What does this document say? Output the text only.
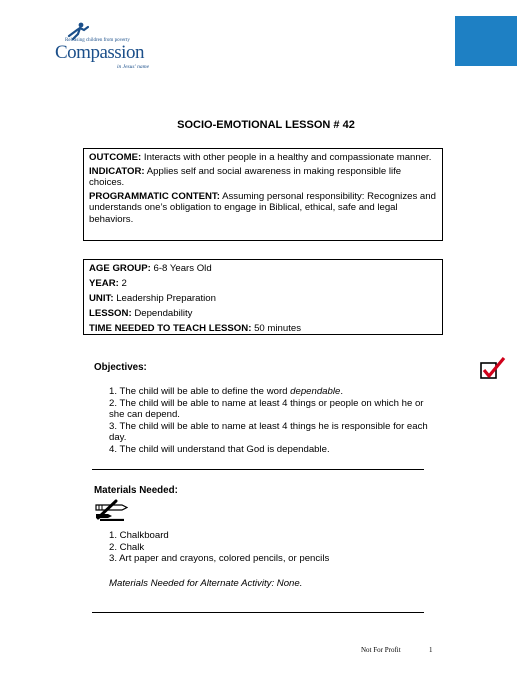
Releasing children from poverty
Compassion
in Jesus' name
SOCIO-EMOTIONAL LESSON # 42

OUTCOME: Interacts with other people in a healthy and compassionate manner.

INDICATOR: Applies self and social awareness in making responsible life choices.

PROGRAMMATIC CONTENT: Assuming personal responsibility: Recognizes and understands one’s obligation to engage in Biblical, ethical, safe and legal behaviors.

AGE GROUP: 6-8 Years Old

YEAR: 2

UNIT: Leadership Preparation

LESSON: Dependability

TIME NEEDED TO TEACH LESSON: 50 minutes

Objectives:
1. The child will be able to define the word dependable.
2. The child will be able to name at least 4 things or people on which he or she can depend.
3. The child will be able to name at least 4 things he is responsible for each day.
4. The child will understand that God is dependable.
Materials Needed:
1. Chalkboard
2. Chalk
3. Art paper and crayons, colored pencils, or pencils
Materials Needed for Alternate Activity: None.
Not For Profit	1
